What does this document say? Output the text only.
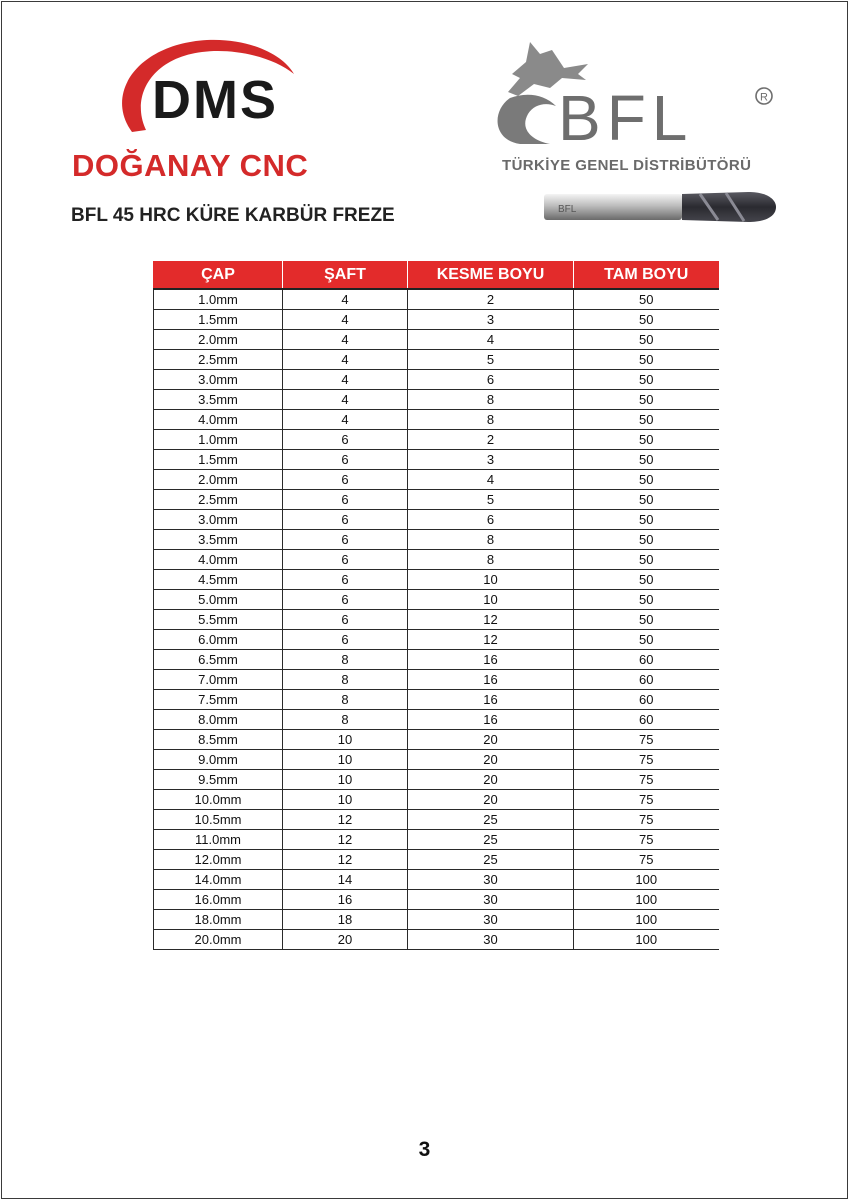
DMS
DOĞANAY CNC
BFL	R
TÜRKİYE GENEL DİSTRİBÜTÖRÜ
BFL
BFL 45 HRC KÜRE KARBÜR FREZE
ÇAP	ŞAFT	KESME BOYU	TAM BOYU
1.0mm	4	2	50
1.5mm	4	3	50
2.0mm	4	4	50
2.5mm	4	5	50
3.0mm	4	6	50
3.5mm	4	8	50
4.0mm	4	8	50
1.0mm	6	2	50
1.5mm	6	3	50
2.0mm	6	4	50
2.5mm	6	5	50
3.0mm	6	6	50
3.5mm	6	8	50
4.0mm	6	8	50
4.5mm	6	10	50
5.0mm	6	10	50
5.5mm	6	12	50
6.0mm	6	12	50
6.5mm	8	16	60
7.0mm	8	16	60
7.5mm	8	16	60
8.0mm	8	16	60
8.5mm	10	20	75
9.0mm	10	20	75
9.5mm	10	20	75
10.0mm	10	20	75
10.5mm	12	25	75
11.0mm	12	25	75
12.0mm	12	25	75
14.0mm	14	30	100
16.0mm	16	30	100
18.0mm	18	30	100
20.0mm	20	30	100
3
